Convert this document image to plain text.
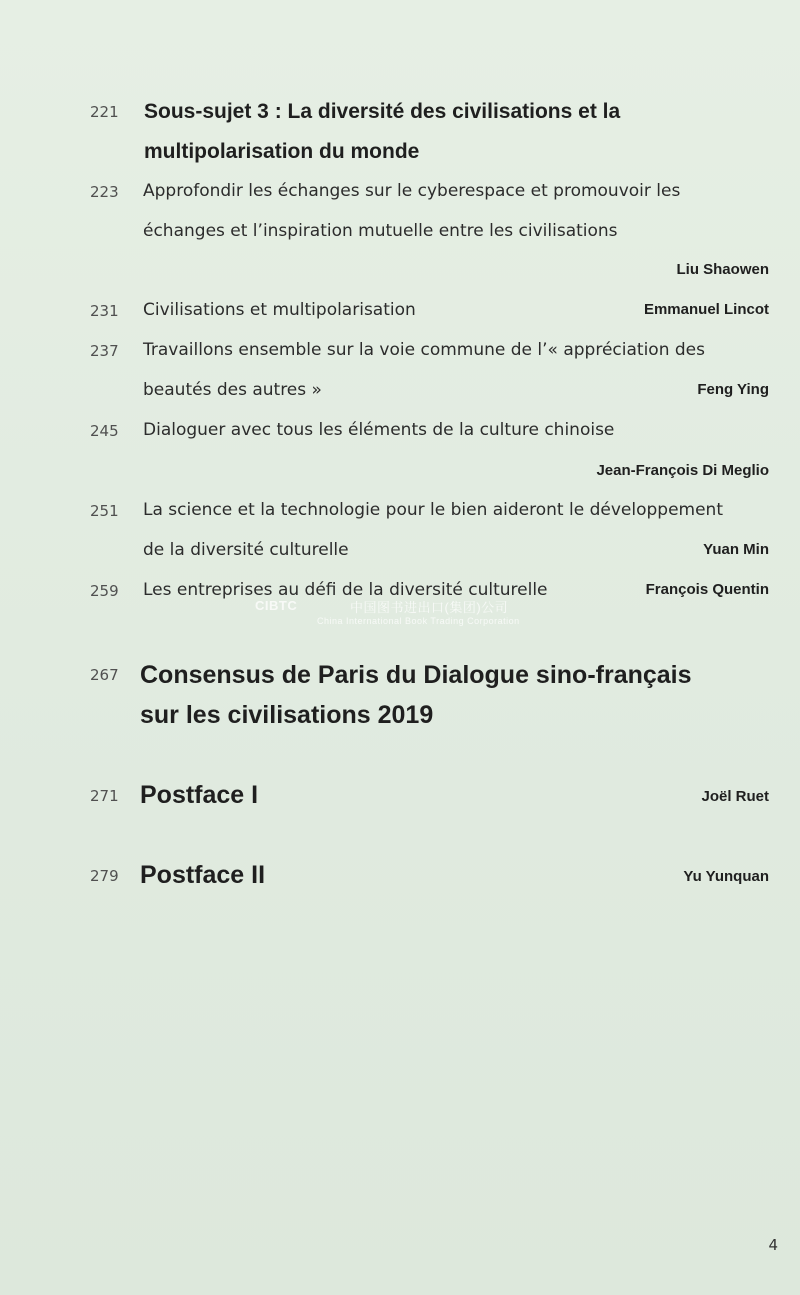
221 Sous-sujet 3 : La diversité des civilisations et la
multipolarisation du monde
223 Approfondir les échanges sur le cyberespace et promouvoir les
échanges et l’inspiration mutuelle entre les civilisations
Liu Shaowen
231 Civilisations et multipolarisation	Emmanuel Lincot
237 Travaillons ensemble sur la voie commune de l’« appréciation des
beautés des autres »	Feng Ying
245 Dialoguer avec tous les éléments de la culture chinoise
Jean-François Di Meglio
251 La science et la technologie pour le bien aideront le développement
de la diversité culturelle	Yuan Min
259 Les entreprises au défi de la diversité culturelle	François Quentin
CIBTC	中国图书进出口(集团)公司
China International Book Trading Corporation
267 Consensus de Paris du Dialogue sino-français
sur les civilisations 2019
271 Postface I	Joël Ruet
279 Postface II	Yu Yunquan
4
